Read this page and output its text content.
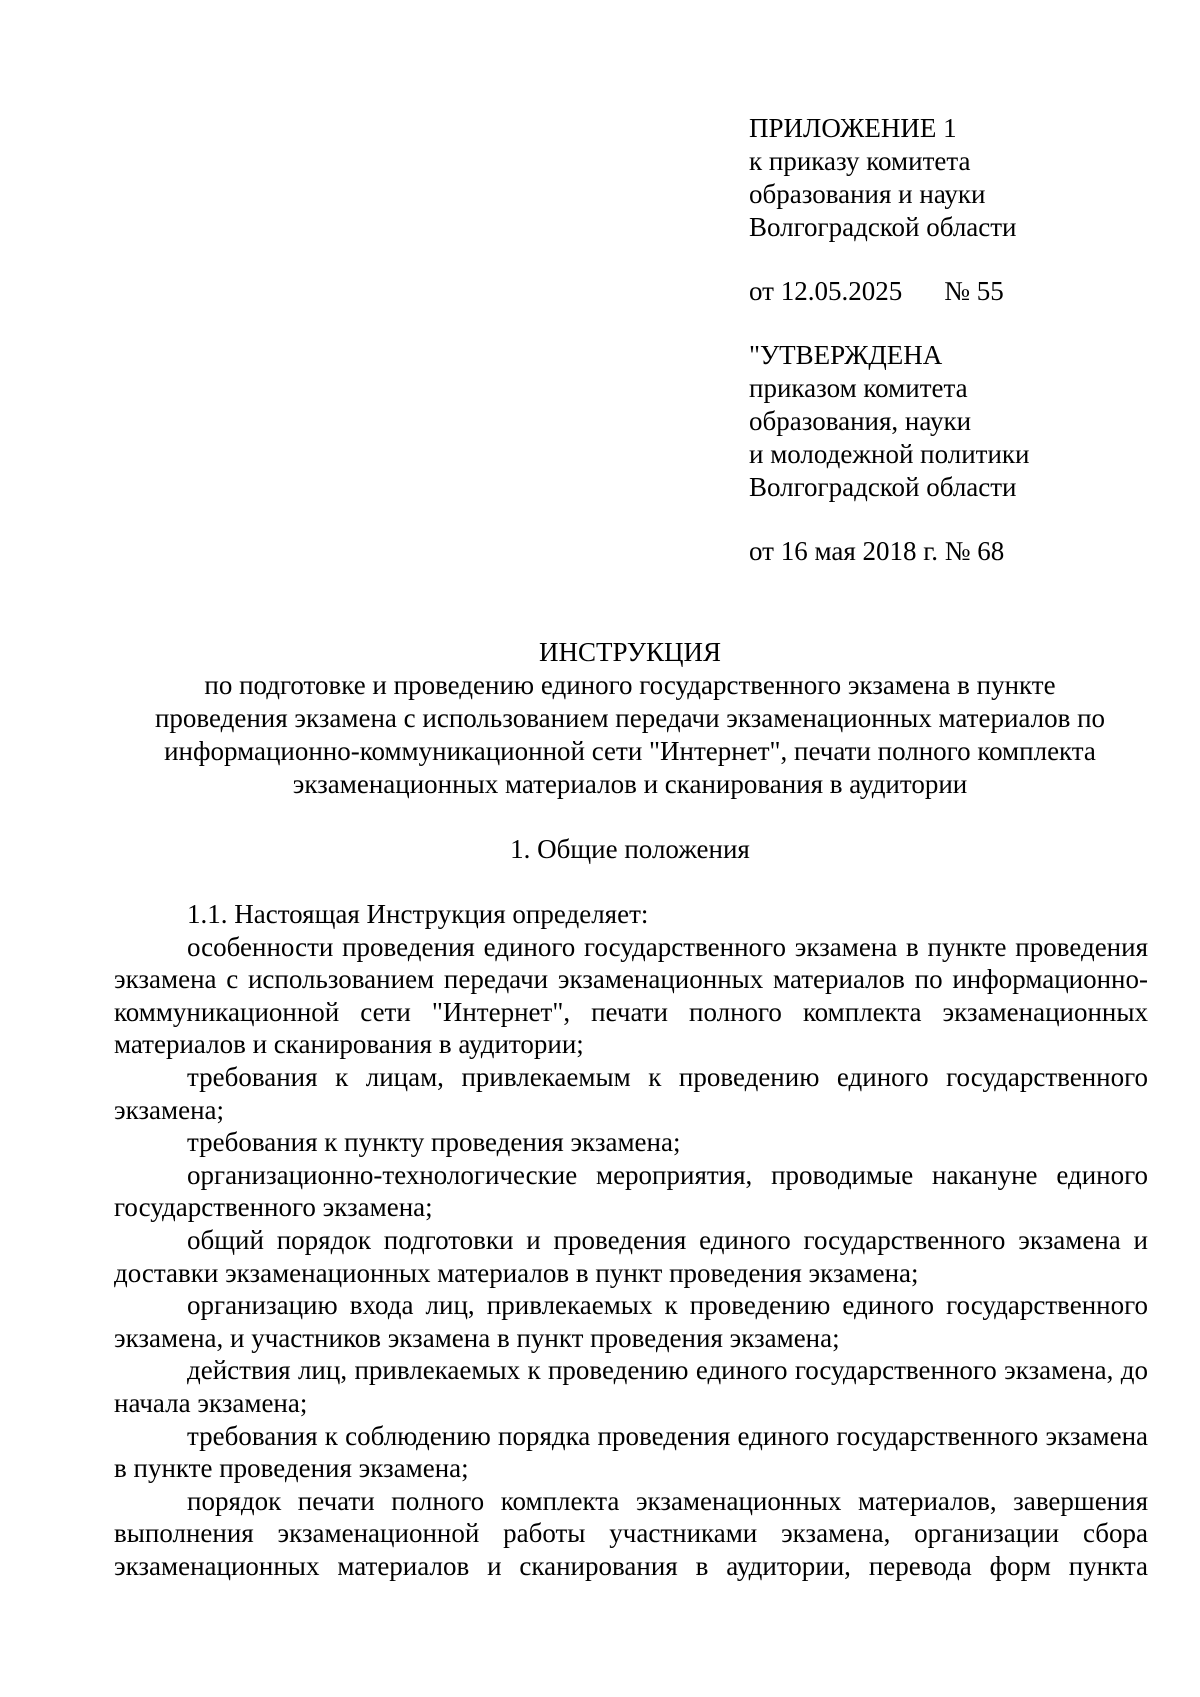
ПРИЛОЖЕНИЕ 1
к приказу комитета
образования и науки
Волгоградской области
от 12.05.2025 № 55
"УТВЕРЖДЕНА
приказом комитета
образования, науки
и молодежной политики
Волгоградской области
от 16 мая 2018 г. № 68
ИНСТРУКЦИЯ
по подготовке и проведению единого государственного экзамена в пункте
проведения экзамена с использованием передачи экзаменационных материалов по
информационно-коммуникационной сети "Интернет", печати полного комплекта
экзаменационных материалов и сканирования в аудитории
1. Общие положения
1.1. Настоящая Инструкция определяет:
особенности проведения единого государственного экзамена в пункте проведения экзамена с использованием передачи экзаменационных материалов по информационно-коммуникационной сети "Интернет", печати полного комплекта экзаменационных материалов и сканирования в аудитории;
требования к лицам, привлекаемым к проведению единого государственного экзамена;
требования к пункту проведения экзамена;
организационно-технологические мероприятия, проводимые накануне единого государственного экзамена;
общий порядок подготовки и проведения единого государственного экзамена и доставки экзаменационных материалов в пункт проведения экзамена;
организацию входа лиц, привлекаемых к проведению единого государственного экзамена, и участников экзамена в пункт проведения экзамена;
действия лиц, привлекаемых к проведению единого государственного экзамена, до начала экзамена;
требования к соблюдению порядка проведения единого государственного экзамена в пункте проведения экзамена;
порядок печати полного комплекта экзаменационных материалов, завершения выполнения экзаменационной работы участниками экзамена, организации сбора экзаменационных материалов и сканирования в аудитории, перевода форм пункта
